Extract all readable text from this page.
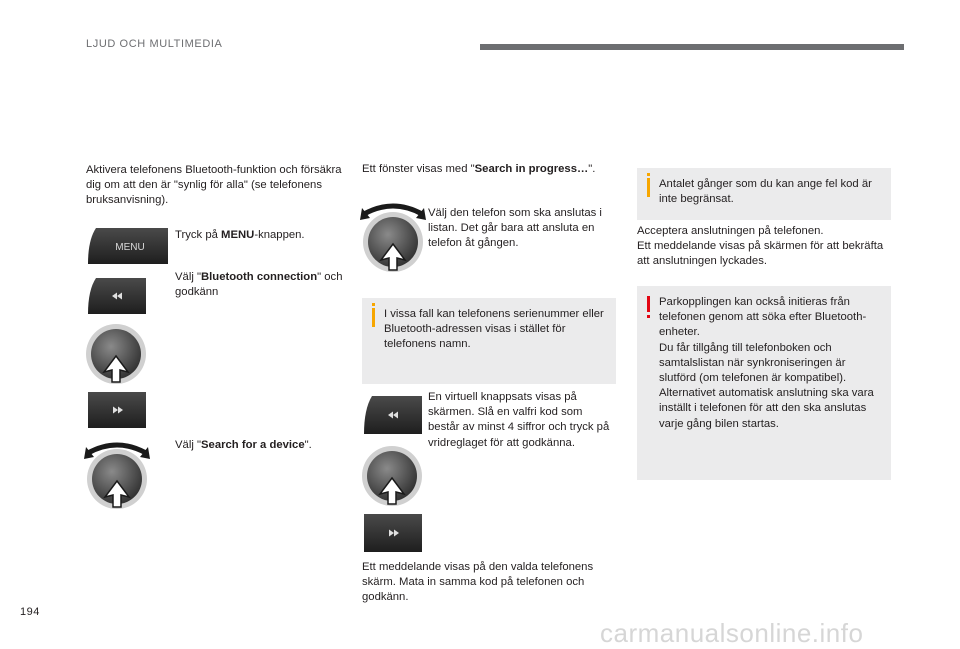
LJUD OCH MULTIMEDIA
Aktivera telefonens Bluetooth-funktion och försäkra dig om att den är "synlig för alla" (se telefonens bruksanvisning).
MENU
Tryck på MENU-knappen.
Välj "Bluetooth connection" och godkänn
Välj "Search for a device".
Ett fönster visas med "Search in progress…".
Välj den telefon som ska anslutas i listan. Det går bara att ansluta en telefon åt gången.
I vissa fall kan telefonens serienummer eller Bluetooth-adressen visas i stället för telefonens namn.
En virtuell knappsats visas på skärmen. Slå en valfri kod som består av minst 4 siffror och tryck på vridreglaget för att godkänna.
Ett meddelande visas på den valda telefonens skärm. Mata in samma kod på telefonen och godkänn.
Antalet gånger som du kan ange fel kod är inte begränsat.
Acceptera anslutningen på telefonen.
Ett meddelande visas på skärmen för att bekräfta att anslutningen lyckades.
Parkopplingen kan också initieras från telefonen genom att söka efter Bluetooth-enheter.
Du får tillgång till telefonboken och samtalslistan när synkroniseringen är slutförd (om telefonen är kompatibel).
Alternativet automatisk anslutning ska vara inställt i telefonen för att den ska anslutas varje gång bilen startas.
194
carmanualsonline.info
